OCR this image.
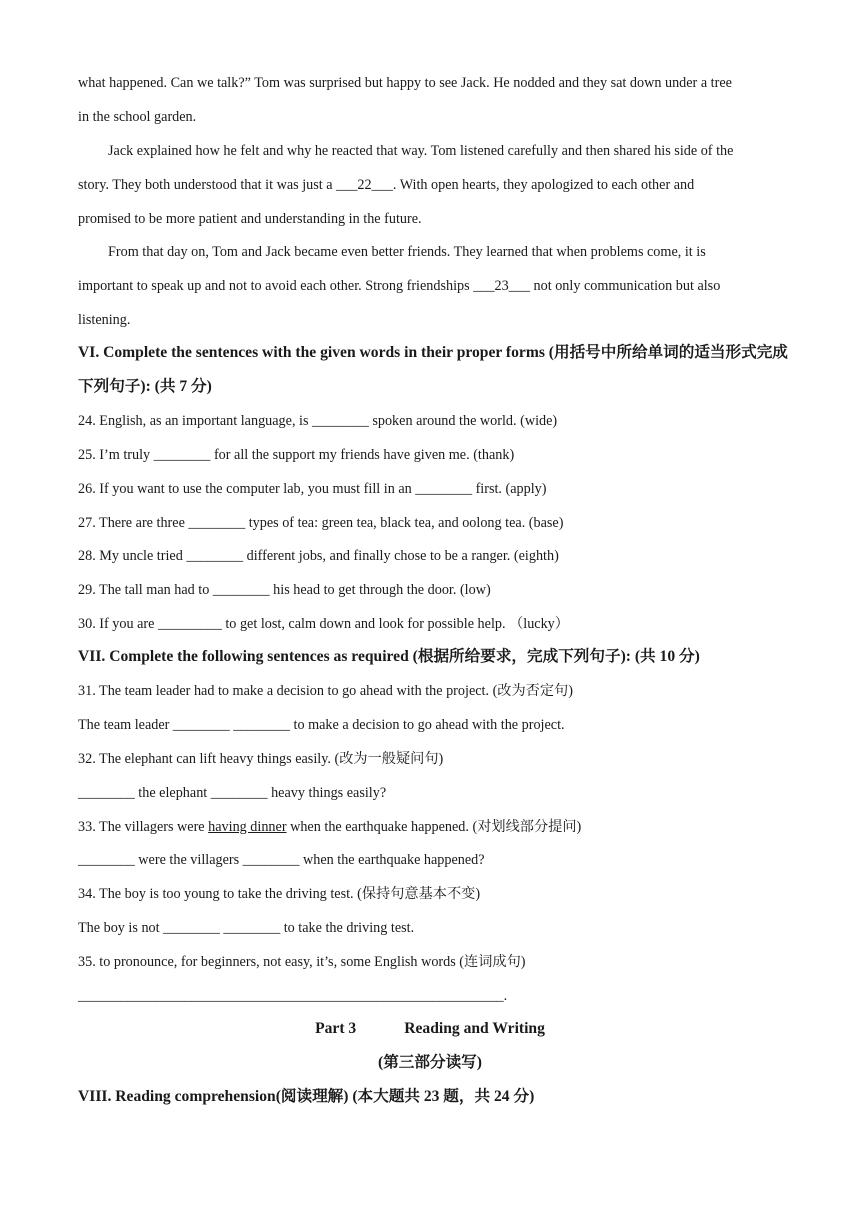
what happened. Can we talk?” Tom was surprised but happy to see Jack. He nodded and they sat down under a tree
in the school garden.
Jack explained how he felt and why he reacted that way. Tom listened carefully and then shared his side of the
story. They both understood that it was just a ___22___. With open hearts, they apologized to each other and
promised to be more patient and understanding in the future.
From that day on, Tom and Jack became even better friends. They learned that when problems come, it is
important to speak up and not to avoid each other. Strong friendships ___23___ not only communication but also
listening.
VI. Complete the sentences with the given words in their proper forms (用括号中所给单词的适当形式完成下列句子): (共 7 分)
24. English, as an important language, is ________ spoken around the world. (wide)
25. I’m truly ________ for all the support my friends have given me. (thank)
26. If you want to use the computer lab, you must fill in an ________ first. (apply)
27. There are three ________ types of tea: green tea, black tea, and oolong tea. (base)
28. My uncle tried ________ different jobs, and finally chose to be a ranger. (eighth)
29. The tall man had to ________ his head to get through the door. (low)
30. If you are _________ to get lost, calm down and look for possible help. （lucky）
VII. Complete the following sentences as required (根据所给要求，完成下列句子): (共 10 分)
31. The team leader had to make a decision to go ahead with the project. (改为否定句)
The team leader ________ ________ to make a decision to go ahead with the project.
32. The elephant can lift heavy things easily. (改为一般疑问句)
________ the elephant ________ heavy things easily?
33. The villagers were having dinner when the earthquake happened. (对划线部分提问)
________ were the villagers ________ when the earthquake happened?
34. The boy is too young to take the driving test. (保持句意基本不变)
The boy is not ________ ________ to take the driving test.
35. to pronounce, for beginners, not easy, it’s, some English words (连词成句)
____________________________________________________________.
Part 3	Reading and Writing
(第三部分读写)
VIII. Reading comprehension(阅读理解) (本大题共 23 题，共 24 分)
